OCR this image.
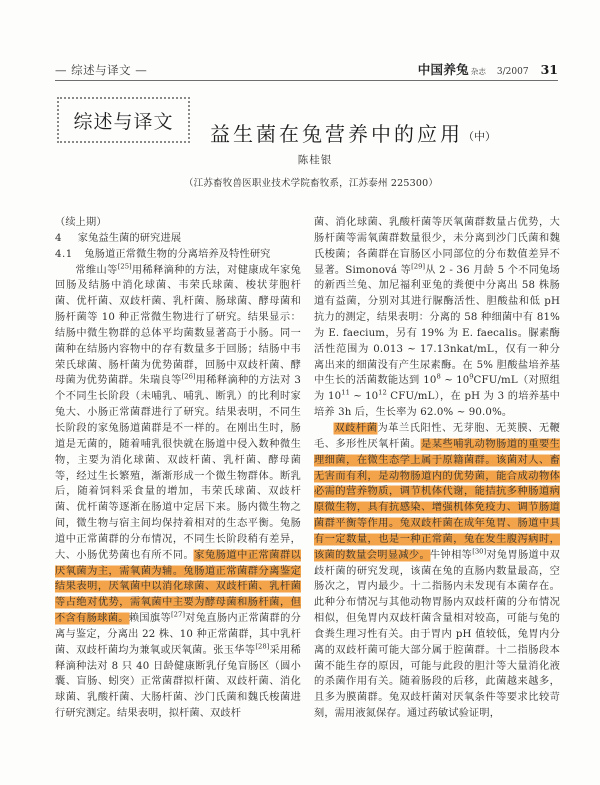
— 综述与译文 —	中国养兔 杂志 3/2007 31
综述与译文
益生菌在兔营养中的应用（中）
陈桂银
（江苏畜牧兽医职业技术学院畜牧系，江苏泰州 225300）

（续上期）

4 家兔益生菌的研究进展

4.1 兔肠道正常微生物的分离培养及特性研究

常维山等[25]用稀释滴种的方法，对健康成年家兔回肠及结肠中消化球菌、韦荣氏球菌、梭状芽胞杆菌、优杆菌、双歧杆菌、乳杆菌、肠球菌、酵母菌和肠杆菌等 10 种正常微生物进行了研究。结果显示：结肠中微生物群的总体平均菌数显著高于小肠。同一菌种在结肠内容物中的存有数量多于回肠；结肠中韦荣氏球菌、肠杆菌为优势菌群，回肠中双歧杆菌、酵母菌为优势菌群。朱瑞良等[26]用稀释滴种的方法对 3 个不同生长阶段（未哺乳、哺乳、断乳）的比利时家兔大、小肠正常菌群进行了研究。结果表明，不同生长阶段的家兔肠道菌群是不一样的。在刚出生时，肠道是无菌的，随着哺乳很快就在肠道中侵入数种微生物，主要为消化球菌、双歧杆菌、乳杆菌、酵母菌等，经过生长繁殖，渐渐形成一个微生物群体。断乳后，随着饲料采食量的增加，韦荣氏球菌、双歧杆菌、优杆菌等逐渐在肠道中定居下来。肠内微生物之间，微生物与宿主间均保持着相对的生态平衡。兔肠道中正常菌群的分布情况，不同生长阶段稍有差异，大、小肠优势菌也有所不同。家兔肠道中正常菌群以厌氧菌为主，需氧菌为辅。兔肠道正常菌群分离鉴定结果表明，厌氧菌中以消化球菌、双歧杆菌、乳杆菌等占绝对优势，需氧菌中主要为酵母菌和肠杆菌，但不含有肠球菌。赖国旗等[27]对兔直肠内正常菌群的分离与鉴定，分离出 22 株、10 种正常菌群，其中乳杆菌、双歧杆菌均为兼氧或厌氧菌。张玉华等[28]采用稀释滴种法对 8 只 40 日龄健康断乳仔兔盲肠区（圆小囊、盲肠、蚓突）正常菌群拟杆菌、双歧杆菌、消化球菌、乳酸杆菌、大肠杆菌、沙门氏菌和魏氏梭菌进行研究测定。结果表明，拟杆菌、双歧杆

菌、消化球菌、乳酸杆菌等厌氧菌群数量占优势，大肠杆菌等需氧菌群数量很少，未分离到沙门氏菌和魏氏梭菌；各菌群在盲肠区小同部位的分布数值差异不显著。Simonová 等[29]从 2 - 36 月龄 5 个不同兔场的新西兰兔、加尼福利亚兔的粪便中分离出 58 株肠道有益菌，分别对其进行脲酶活性、胆酸盐和低 pH 抗力的测定，结果表明：分离的 58 种细菌中有 81% 为 E. faecium，另有 19% 为 E. faecalis。脲素酶活性范围为 0.013 ~ 17.13nkat/mL，仅有一种分离出来的细菌没有产生尿素酶。在 5% 胆酸盐培养基中生长的活菌数能达到 $10^8$ ~ $10^9CFU/mL$（对照组为 $10^{11}$ ~ $10^{12}$ CFU/mL），在 pH 为 3 的培养基中培养 3h 后，生长率为 62.0% ~ 90.0%。

双歧杆菌为革兰氏阳性、无芽胞、无荚膜、无鞭毛、多形性厌氧杆菌。是某些哺乳动物肠道的重要生理细菌，在微生态学上属于原籍菌群。该菌对人、畜无害而有利，是动物肠道内的优势菌，能合成动物体必需的营养物质，调节机体代谢，能拮抗多种肠道病原微生物，具有抗感染、增强机体免疫力、调节肠道菌群平衡等作用。兔双歧杆菌在成年兔胃、肠道中具有一定数量，也是一种正常菌，兔在发生腹泻病时，该菌的数量会明显减少。牛钟相等[30]对兔胃肠道中双歧杆菌的研究发现，该菌在兔的直肠内数量最高，空肠次之，胃内最少。十二指肠内未发现有本菌存在。此种分布情况与其他动物胃肠内双歧杆菌的分布情况相似，但兔胃内双歧杆菌含量相对较高，可能与兔的食粪生理习性有关。由于胃内 pH 值较低，兔胃内分离的双歧杆菌可能大部分属于腔菌群。十二指肠段本菌不能生存的原因，可能与此段的胆汁等大量消化液的杀菌作用有关。随着肠段的后移，此菌越来越多，且多为膜菌群。兔双歧杆菌对厌氧条件等要求比较苛刻，需用液氮保存。通过药敏试验证明，
